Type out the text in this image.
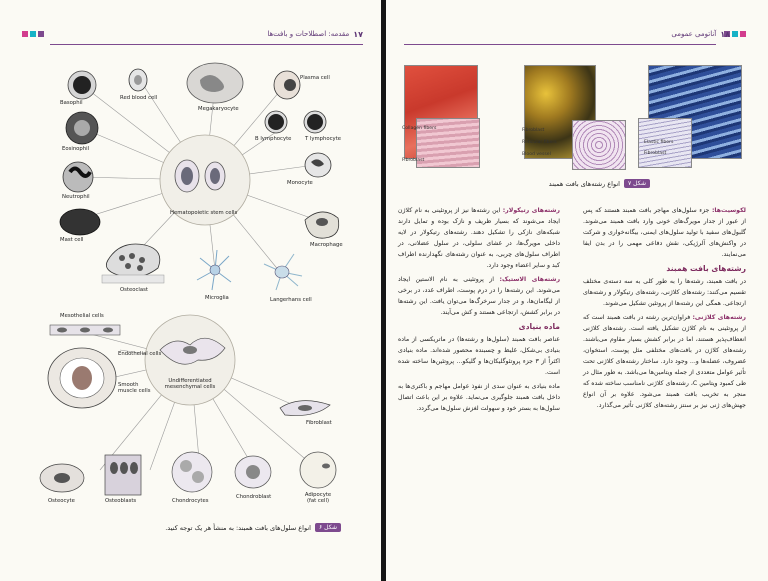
۱۷
مقدمه: اصطلاحات و بافت‌ها
Basophil
Red blood cell
Megakaryocyte
Plasma cell
Eosinophil
B lymphocyte	T lymphocyte
Neutrophil
Monocyte
Mast cell
Macrophage
Osteoclast
Microglia	Langerhans cell
Mesothelial cells
Endothelial cells
Smooth muscle cells
Fibroblast
Osteocyte	Osteoblasts	Chondrocytes
Chondroblast	Adipocyte (fat cell)
Hematopoietic stem cells
Undifferentiated mesenchymal cells
شکل ۶
انواع سلول‌های بافت همبند: به منشأ هر یک توجه کنید.
۱۸
آناتومی عمومی
Collagen fibers
Fibroblast
Fibroblast
Reticular fibers
Blood vessel
Elastic fibers
Fibroblast
شکل ۷
انواع رشته‌های بافت همبند

لکوسیت‌ها: جزء سلول‌های مهاجر بافت همبند هستند که پس از عبور از جدار مویرگ‌های خونی وارد بافت همبند می‌شوند. گلبول‌های سفید با تولید سلول‌های ایمنی، بیگانه‌خواری و شرکت در واکنش‌های آلرژیکی، نقش دفاعی مهمی را در بدن ایفا می‌نمایند.

رشته‌های بافت همبند

در بافت همبند، رشته‌ها را به طور کلی به سه دسته‌ی مختلف تقسیم می‌کنند: رشته‌های کلاژنی، رشته‌های رتیکولار و رشته‌های ارتجاعی. همگی این رشته‌ها از پروتئین تشکیل می‌شوند.

رشته‌های کلاژنی: فراوان‌ترین رشته در بافت همبند است که از پروتئینی به نام کلاژن تشکیل یافته است. رشته‌های کلاژنی انعطاف‌پذیر هستند، اما در برابر کشش بسیار مقاوم می‌باشند. رشته‌های کلاژن در بافت‌های مختلفی مثل پوست، استخوان، غضروف، عضله‌ها و... وجود دارد. ساختار رشته‌های کلاژنی تحت تأثیر عوامل متعددی از جمله ویتامین‌ها می‌باشد. به طور مثال در طی کمبود ویتامین C، رشته‌های کلاژنی نامناسب ساخته شده که منجر به تخریب بافت همبند می‌شود. علاوه بر آن انواع جهش‌های ژنی نیز بر سنتز رشته‌های کلاژنی تأثیر می‌گذارد.

رشته‌های رتیکولار: این رشته‌ها نیز از پروتئینی به نام کلاژن ایجاد می‌شوند که بسیار ظریف و نازک بوده و تمایل دارند شبکه‌های نازکی را تشکیل دهند. رشته‌های رتیکولار در لایه داخلی مویرگ‌ها، در غشای سلولی، در سلول عضلانی، در اطراف سلول‌های چربی، به عنوان رشته‌های نگهدارنده اطراف کبد و سایر اعضاء وجود دارد.

رشته‌های الاستیک: از پروتئینی به نام الاستین ایجاد می‌شوند. این رشته‌ها را در درم پوست، اطراف غدد، در برخی از لیگامان‌ها، و در جدار سرخرگ‌ها می‌توان یافت. این رشته‌ها در برابر کشش، ارتجاعی هستند و کش می‌آیند.

ماده بنیادی

عناصر بافت همبند (سلول‌ها و رشته‌ها) در ماتریکسی از ماده بنیادی بی‌شکل، غلیظ و چسبنده محصور شده‌اند. ماده بنیادی اکثراً از ۳ جزء پروتئوگلیکان‌ها و گلیکو... پروتئین‌ها ساخته شده است.

ماده بنیادی به عنوان سدی از نفوذ عوامل مهاجم و باکتری‌ها به داخل بافت همبند جلوگیری می‌نماید. علاوه بر این باعث اتصال سلول‌ها به بستر خود و سهولت لغزش سلول‌ها می‌گردد.
